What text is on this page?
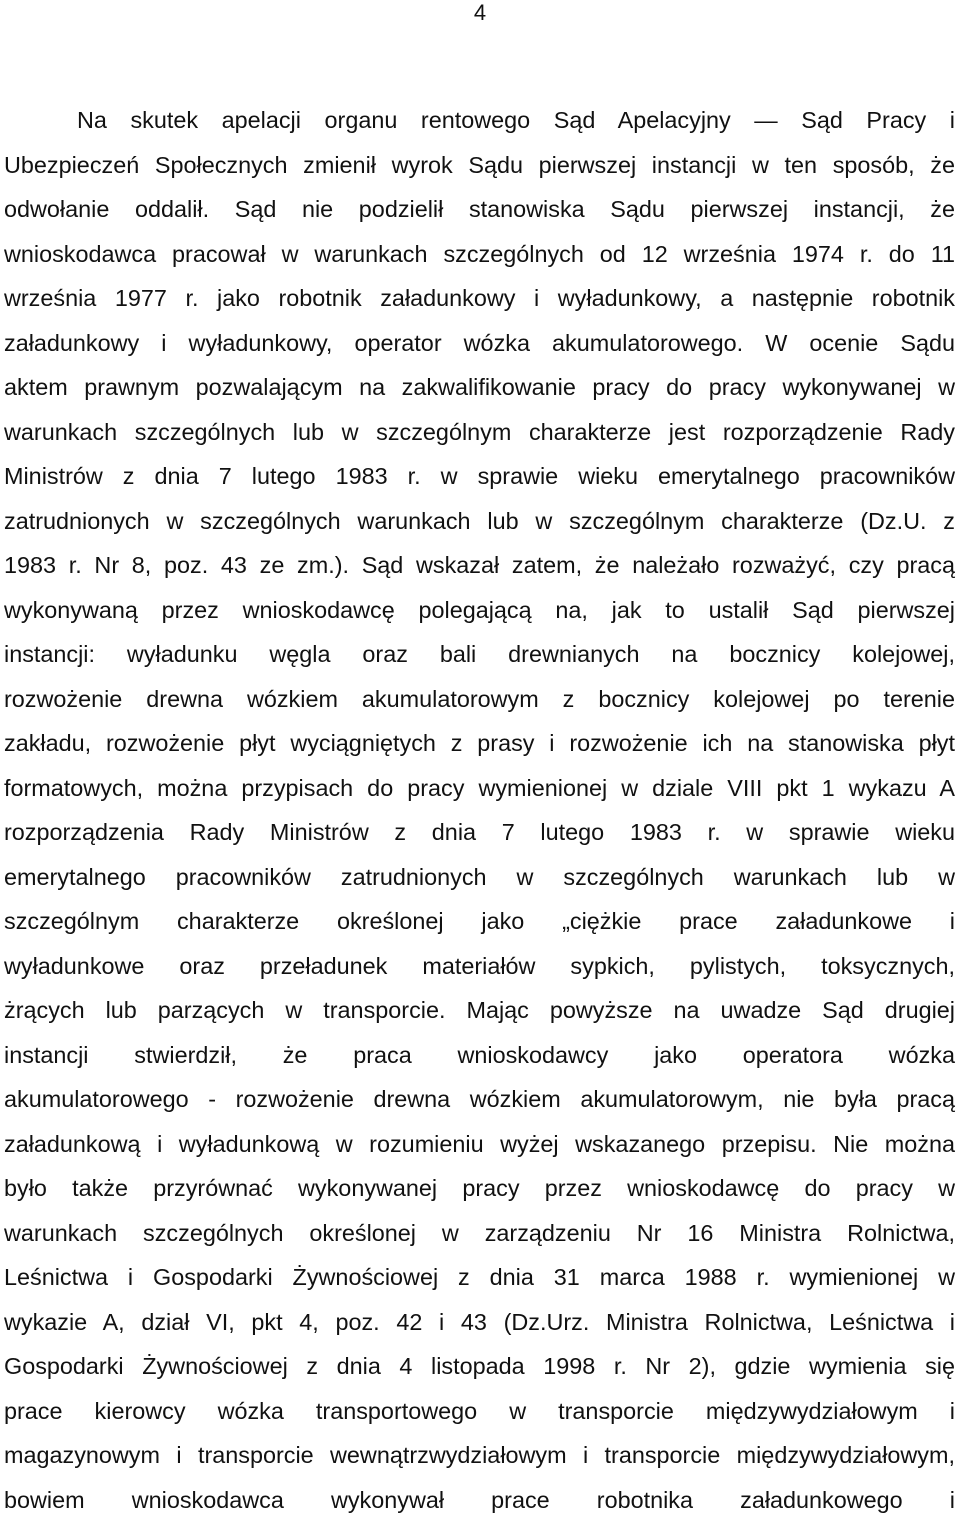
4
Na skutek apelacji organu rentowego Sąd Apelacyjny — Sąd Pracy i
Ubezpieczeń Społecznych zmienił wyrok Sądu pierwszej instancji w ten sposób, że
odwołanie oddalił. Sąd nie podzielił stanowiska Sądu pierwszej instancji, że
wnioskodawca pracował w warunkach szczególnych od 12 września 1974 r. do 11
września 1977 r. jako robotnik załadunkowy i wyładunkowy, a następnie robotnik
załadunkowy i wyładunkowy, operator wózka akumulatorowego. W ocenie Sądu
aktem prawnym pozwalającym na zakwalifikowanie pracy do pracy wykonywanej w
warunkach szczególnych lub w szczególnym charakterze jest rozporządzenie Rady
Ministrów z dnia 7 lutego 1983 r. w sprawie wieku emerytalnego pracowników
zatrudnionych w szczególnych warunkach lub w szczególnym charakterze (Dz.U. z
1983 r. Nr 8, poz. 43 ze zm.). Sąd wskazał zatem, że należało rozważyć, czy pracą
wykonywaną przez wnioskodawcę polegającą na, jak to ustalił Sąd pierwszej
instancji: wyładunku węgla oraz bali drewnianych na bocznicy kolejowej,
rozwożenie drewna wózkiem akumulatorowym z bocznicy kolejowej po terenie
zakładu, rozwożenie płyt wyciągniętych z prasy i rozwożenie ich na stanowiska płyt
formatowych, można przypisach do pracy wymienionej w dziale VIII pkt 1 wykazu A
rozporządzenia Rady Ministrów z dnia 7 lutego 1983 r. w sprawie wieku
emerytalnego pracowników zatrudnionych w szczególnych warunkach lub w
szczególnym charakterze określonej jako „ciężkie prace załadunkowe i
wyładunkowe oraz przeładunek materiałów sypkich, pylistych, toksycznych,
żrących lub parzących w transporcie. Mając powyższe na uwadze Sąd drugiej
instancji stwierdził, że praca wnioskodawcy jako operatora wózka
akumulatorowego - rozwożenie drewna wózkiem akumulatorowym, nie była pracą
załadunkową i wyładunkową w rozumieniu wyżej wskazanego przepisu. Nie można
było także przyrównać wykonywanej pracy przez wnioskodawcę do pracy w
warunkach szczególnych określonej w zarządzeniu Nr 16 Ministra Rolnictwa,
Leśnictwa i Gospodarki Żywnościowej z dnia 31 marca 1988 r. wymienionej w
wykazie A, dział VI, pkt 4, poz. 42 i 43 (Dz.Urz. Ministra Rolnictwa, Leśnictwa i
Gospodarki Żywnościowej z dnia 4 listopada 1998 r. Nr 2), gdzie wymienia się
prace kierowcy wózka transportowego w transporcie międzywydziałowym i
magazynowym i transporcie wewnątrzwydziałowym i transporcie międzywydziałowym,
bowiem wnioskodawca wykonywał prace robotnika załadunkowego i
